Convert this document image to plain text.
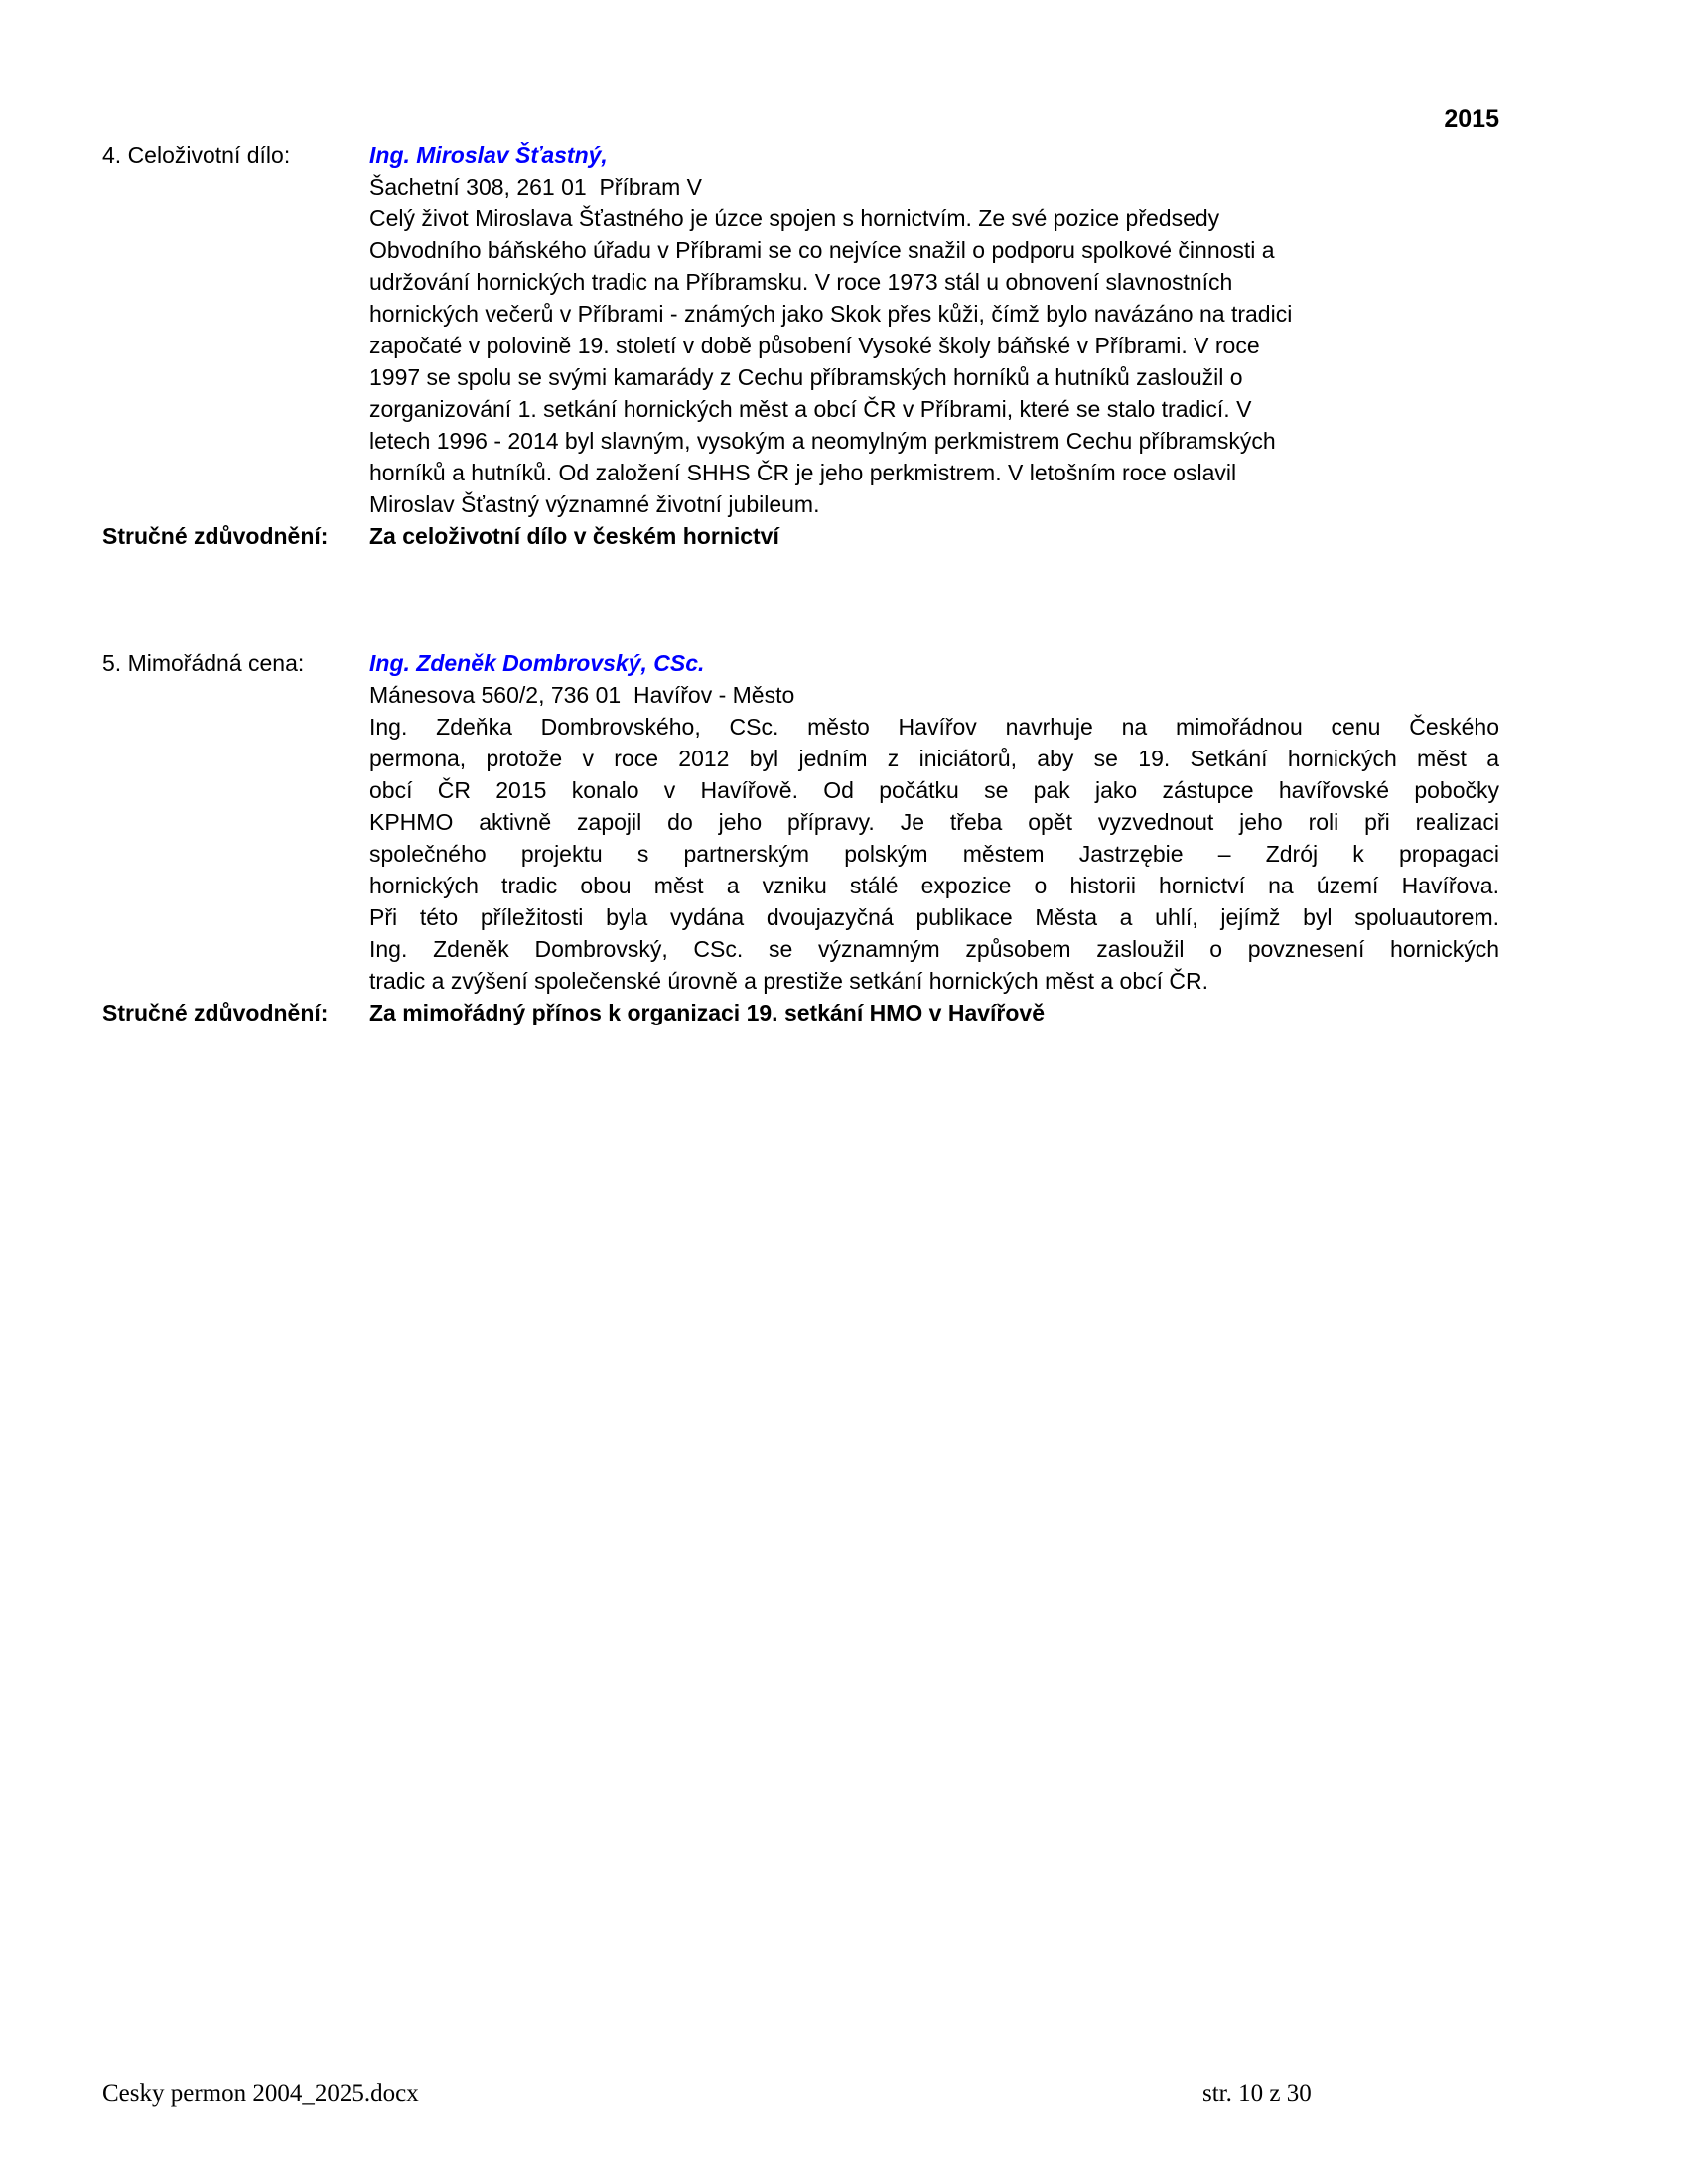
2015
4. Celoživotní dílo:	Ing. Miroslav Šťastný,
Šachetní 308, 261 01  Příbram V
Celý život Miroslava Šťastného je úzce spojen s hornictvím. Ze své pozice předsedy
Obvodního báňského úřadu v Příbrami se co nejvíce snažil o podporu spolkové činnosti a
udržování hornických tradic na Příbramsku. V roce 1973 stál u obnovení slavnostních
hornických večerů v Příbrami - známých jako Skok přes kůži, čímž bylo navázáno na tradici
započaté v polovině 19. století v době působení Vysoké školy báňské v Příbrami. V roce
1997 se spolu se svými kamarády z Cechu příbramských horníků a hutníků zasloužil o
zorganizování 1. setkání hornických měst a obcí ČR v Příbrami, které se stalo tradicí. V
letech 1996 - 2014 byl slavným, vysokým a neomylným perkmistrem Cechu příbramských
horníků a hutníků. Od založení SHHS ČR je jeho perkmistrem. V letošním roce oslavil
Miroslav Šťastný významné životní jubileum.
Stručné zdůvodnění:	Za celoživotní dílo v českém hornictví
5. Mimořádná cena:	Ing. Zdeněk Dombrovský, CSc.
Mánesova 560/2, 736 01  Havířov - Město
Ing. Zdeňka Dombrovského, CSc. město Havířov navrhuje na mimořádnou cenu Českého
permona, protože v roce 2012 byl jedním z iniciátorů, aby se 19. Setkání hornických měst a
obcí ČR 2015 konalo v Havířově. Od počátku se pak jako zástupce havířovské pobočky
KPHMO aktivně zapojil do jeho přípravy. Je třeba opět vyzvednout jeho roli při realizaci
společného projektu s partnerským polským městem Jastrzębie – Zdrój k propagaci
hornických tradic obou měst a vzniku stálé expozice o historii hornictví na území Havířova.
Při této příležitosti byla vydána dvoujazyčná publikace Města a uhlí, jejímž byl spoluautorem.
Ing. Zdeněk Dombrovský, CSc. se významným způsobem zasloužil o povznesení hornických
tradic a zvýšení společenské úrovně a prestiže setkání hornických měst a obcí ČR.
Stručné zdůvodnění:	Za mimořádný přínos k organizaci 19. setkání HMO v Havířově
Cesky permon 2004_2025.docx	str. 10 z 30
